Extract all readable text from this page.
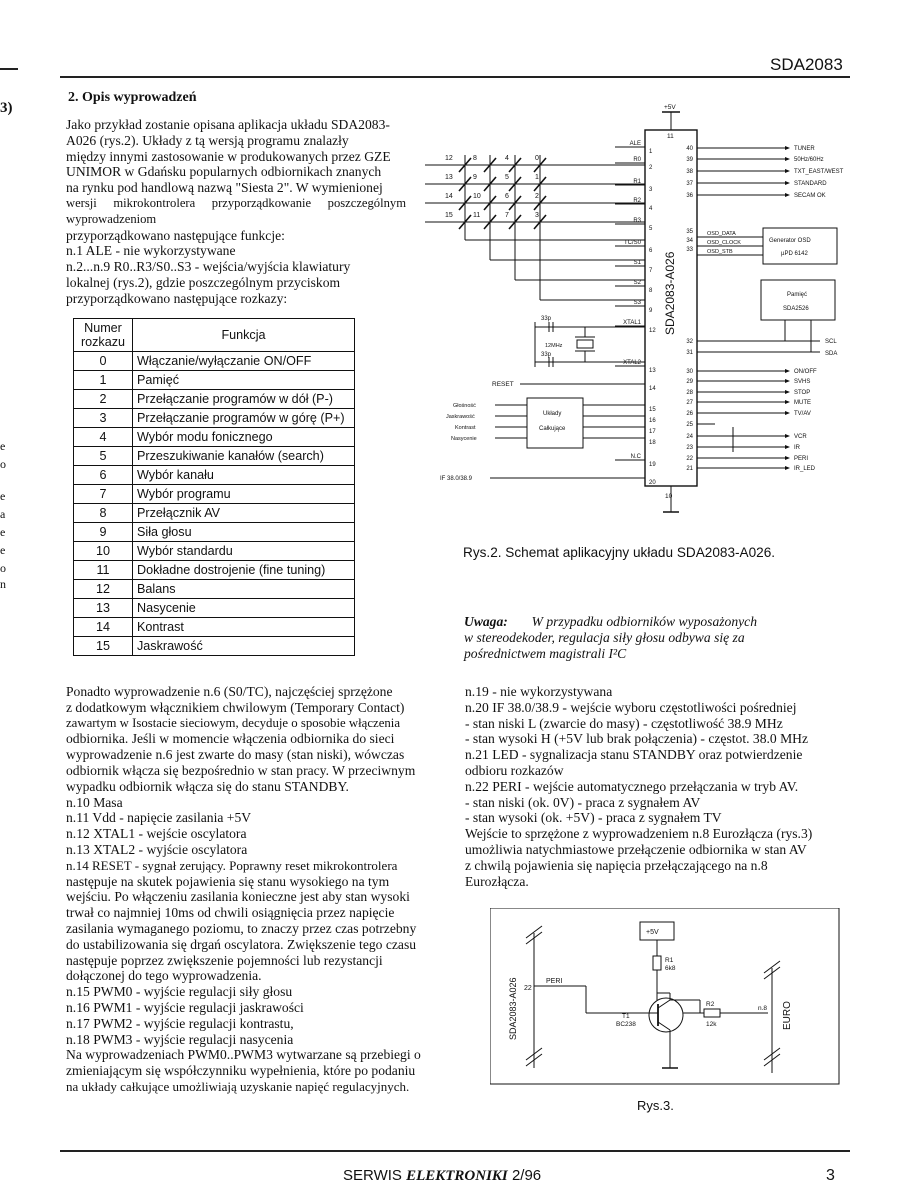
SDA2083
3)
e
o
e
a
e
e
o
n
2. Opis wyprowadzeń
Jako przykład zostanie opisana aplikacja układu SDA2083-
A026 (rys.2). Układy z tą wersją programu znalazły
między innymi zastosowanie w produkowanych przez GZE
UNIMOR w Gdańsku popularnych odbiornikach znanych
na rynku pod handlową nazwą "Siesta 2". W wymienionej
wersji mikrokontrolera przyporządkowanie poszczególnym wyprowadzeniom
przyporządkowano następujące funkcje:
n.1 ALE - nie wykorzystywane
n.2...n.9 R0..R3/S0..S3 - wejścia/wyjścia klawiatury
lokalnej (rys.2), gdzie poszczególnym przyciskom
przyporządkowano następujące rozkazy:
Numer
rozkazu	Funkcja
0	Włączanie/wyłączanie ON/OFF
1	Pamięć
2	Przełączanie programów w dół (P-)
3	Przełączanie programów w górę (P+)
4	Wybór modu fonicznego
5	Przeszukiwanie kanałów (search)
6	Wybór kanału
7	Wybór programu
8	Przełącznik AV
9	Siła głosu
10	Wybór standardu
11	Dokładne dostrojenie (fine tuning)
12	Balans
13	Nasycenie
14	Kontrast
15	Jaskrawość
Ponadto wyprowadzenie n.6 (S0/TC), najczęściej sprzężone
z dodatkowym włącznikiem chwilowym (Temporary Contact)
zawartym w Isostacie sieciowym, decyduje o sposobie włączenia
odbiornika. Jeśli w momencie włączenia odbiornika do sieci
wyprowadzenie n.6 jest zwarte do masy (stan niski), wówczas
odbiornik włącza się bezpośrednio w stan pracy. W przeciwnym
wypadku odbiornik włącza się do stanu STANDBY.
n.10 Masa
n.11 Vdd - napięcie zasilania +5V
n.12 XTAL1 - wejście oscylatora
n.13 XTAL2 - wyjście oscylatora
n.14 RESET - sygnał zerujący. Poprawny reset mikrokontrolera
następuje na skutek pojawienia się stanu wysokiego na tym
wejściu. Po włączeniu zasilania konieczne jest aby stan wysoki
trwał co najmniej 10ms od chwili osiągnięcia przez napięcie
zasilania wymaganego poziomu, to znaczy przez czas potrzebny
do ustabilizowania się drgań oscylatora. Zwiększenie tego czasu
następuje poprzez zwiększenie pojemności lub rezystancji
dołączonej do tego wyprowadzenia.
n.15 PWM0 - wyjście regulacji siły głosu
n.16 PWM1 - wyjście regulacji jaskrawości
n.17 PWM2 - wyjście regulacji kontrastu,
n.18 PWM3 - wyjście regulacji nasycenia
Na wyprowadzeniach PWM0..PWM3 wytwarzane są przebiegi o
zmieniającym się współczynniku wypełnienia, które po podaniu
na układy całkujące umożliwiają uzyskanie napięć regulacyjnych.
SDA2083-A026
+5V
11
10
ALE
1
R0
2
R1
3
R2
4
R3
5
TC/S0
6
S1
7
S2
8
S3
9
XTAL1
12
XTAL2
13
14
15
16
17
18
N.C
19
20
40	TUNER
39	50Hz/60Hz
38	TXT_EAST/WEST
37	STANDARD
36	SECAM OK
35
34
33
32
31
30	ON/OFF
29	SVHS
28	STOP
27	MUTE
26	TV/AV
25
24	VCR
23	IR
22	PERI
21	IR_LED
12	8	4	0
13	9	5	1
14	10	6	2
15	11	7	3
33p
33p
12MHz
RESET
Układy
Całkujące
Głośność
Jaskrawość
Kontrast
Nasycenie
IF 38.0/38.9
Generator OSD
µPD 6142
OSD_DATA
OSD_CLOCK
OSD_STB
Pamięć
SDA2526
SCL
SDA
Rys.2. Schemat aplikacyjny układu SDA2083-A026.
Uwaga: W przypadku odbiorników wyposażonych
w stereodekoder, regulacja siły głosu odbywa się za
pośrednictwem magistrali I²C
n.19 - nie wykorzystywana
n.20 IF 38.0/38.9 - wejście wyboru częstotliwości pośredniej
- stan niski L (zwarcie do masy) - częstotliwość 38.9 MHz
- stan wysoki H (+5V lub brak połączenia) - częstot. 38.0 MHz
n.21 LED - sygnalizacja stanu STANDBY oraz potwierdzenie
odbioru rozkazów
n.22 PERI - wejście automatycznego przełączania w tryb AV.
- stan niski (ok. 0V) - praca z sygnałem AV
- stan wysoki (ok. +5V) - praca z sygnałem TV
Wejście to sprzężone z wyprowadzeniem n.8 Eurozłącza (rys.3)
umożliwia natychmiastowe przełączenie odbiornika w stan AV
z chwilą pojawienia się napięcia przełączającego na n.8
Eurozłącza.
SDA2083-A026 22
PERI
+5V
R1
6k8
T1
BC238
R2
12k
n.8 EURO
Rys.3.
SERWIS ELEKTRONIKI 2/96	3
